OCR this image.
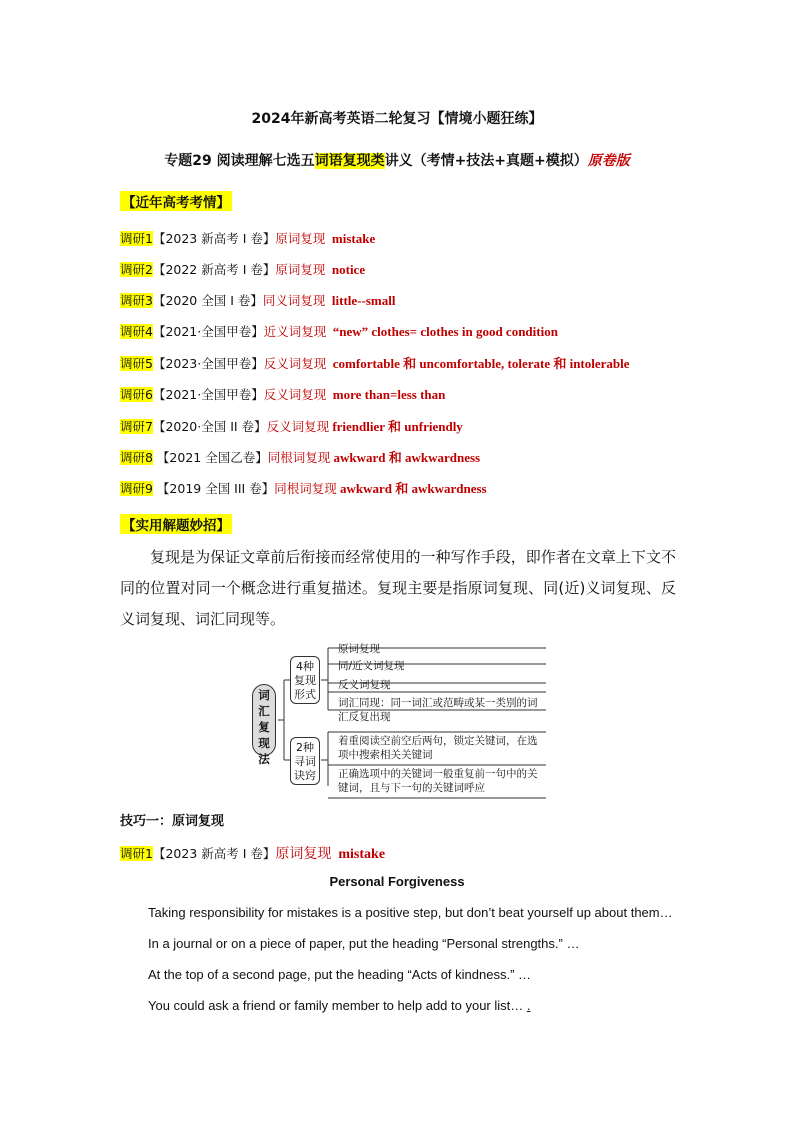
2024年新高考英语二轮复习【情境小题狂练】
专题29 阅读理解七选五词语复现类讲义（考情+技法+真题+模拟）原卷版
【近年高考考情】
调研1【2023 新高考 I 卷】原词复现 mistake
调研2【2022 新高考 I 卷】原词复现 notice
调研3【2020 全国 I 卷】同义词复现 little--small
调研4【2021·全国甲卷】近义词复现 “new” clothes= clothes in good condition
调研5【2023·全国甲卷】反义词复现 comfortable 和 uncomfortable, tolerate 和 intolerable
调研6【2021·全国甲卷】反义词复现 more than=less than
调研7【2020·全国 II 卷】反义词复现 friendlier 和 unfriendly
调研8 【2021 全国乙卷】同根词复现 awkward 和 awkwardness
调研9 【2019 全国 III 卷】同根词复现 awkward 和 awkwardness
【实用解题妙招】
复现是为保证文章前后衔接而经常使用的一种写作手段，即作者在文章上下文不同的位置对同一个概念进行重复描述。复现主要是指原词复现、同(近)义词复现、反义词复现、词汇同现等。
词汇复现法
4种复现形式
2种寻词诀窍
原词复现
同/近义词复现
反义词复现
词汇同现：同一词汇或范畴或某一类别的词汇反复出现
着重阅读空前空后两句，锁定关键词，在选项中搜索相关关键词
正确选项中的关键词一般重复前一句中的关键词，且与下一句的关键词呼应
技巧一：原词复现
调研1【2023 新高考 I 卷】原词复现 mistake
Personal Forgiveness
Taking responsibility for mistakes is a positive step, but don’t beat yourself up about them…
In a journal or on a piece of paper, put the heading “Personal strengths.” …
At the top of a second page, put the heading “Acts of kindness.” …
You could ask a friend or family member to help add to your list… .
